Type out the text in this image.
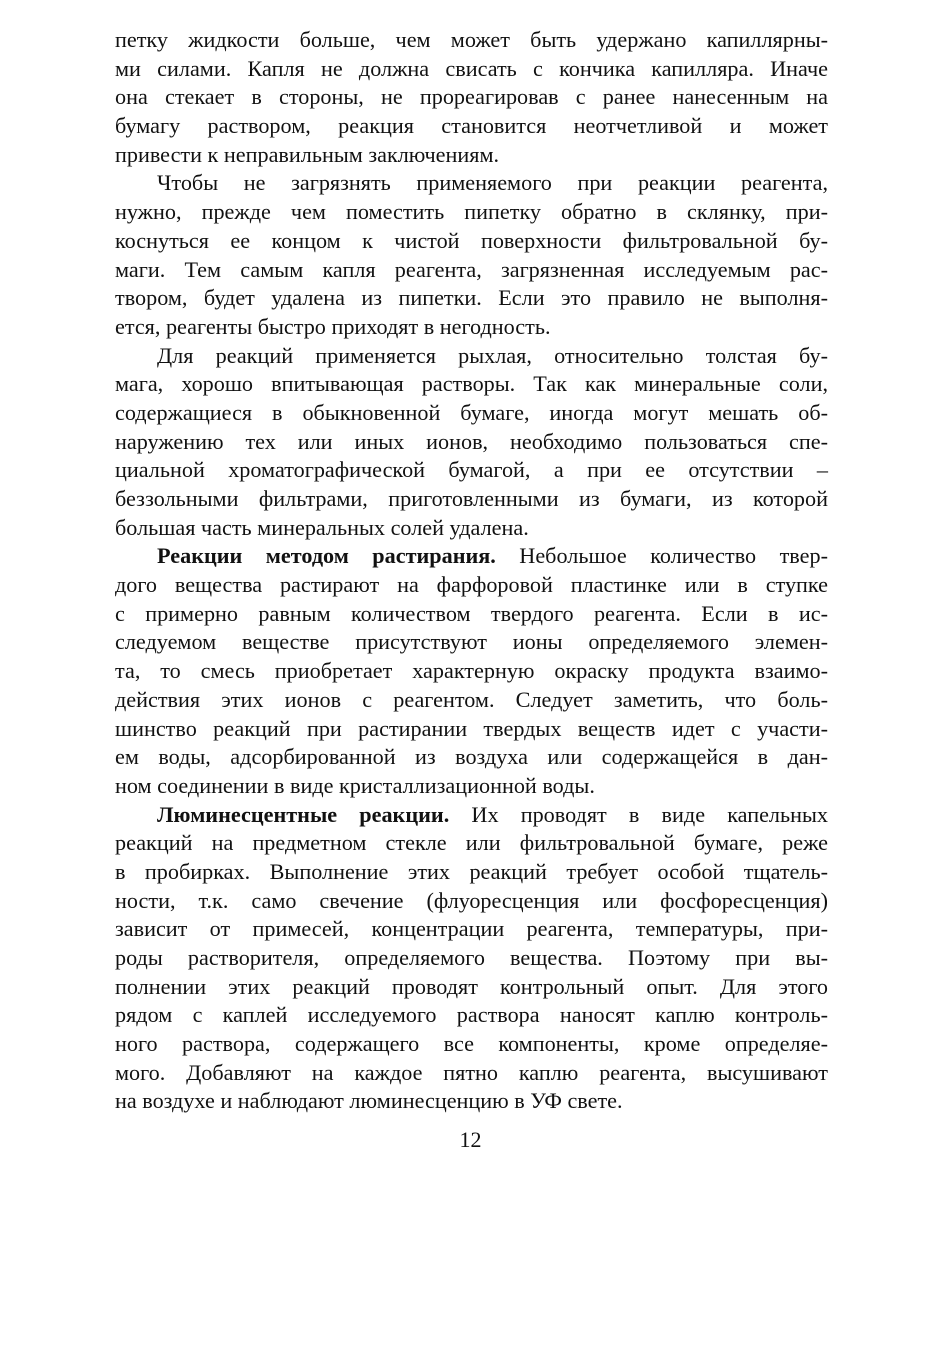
петку жидкости больше, чем может быть удержано капиллярны-
ми силами. Капля не должна свисать с кончика капилляра. Иначе
она стекает в стороны, не прореагировав с ранее нанесенным на
бумагу раствором, реакция становится неотчетливой и может
привести к неправильным заключениям.
Чтобы не загрязнять применяемого при реакции реагента,
нужно, прежде чем поместить пипетку обратно в склянку, при-
коснуться ее концом к чистой поверхности фильтровальной бу-
маги. Тем самым капля реагента, загрязненная исследуемым рас-
твором, будет удалена из пипетки. Если это правило не выполня-
ется, реагенты быстро приходят в негодность.
Для реакций применяется рыхлая, относительно толстая бу-
мага, хорошо впитывающая растворы. Так как минеральные соли,
содержащиеся в обыкновенной бумаге, иногда могут мешать об-
наружению тех или иных ионов, необходимо пользоваться спе-
циальной хроматографической бумагой, а при ее отсутствии –
беззольными фильтрами, приготовленными из бумаги, из которой
большая часть минеральных солей удалена.
Реакции методом растирания. Небольшое количество твер-
дого вещества растирают на фарфоровой пластинке или в ступке
с примерно равным количеством твердого реагента. Если в ис-
следуемом веществе присутствуют ионы определяемого элемен-
та, то смесь приобретает характерную окраску продукта взаимо-
действия этих ионов с реагентом. Следует заметить, что боль-
шинство реакций при растирании твердых веществ идет с участи-
ем воды, адсорбированной из воздуха или содержащейся в дан-
ном соединении в виде кристаллизационной воды.
Люминесцентные реакции. Их проводят в виде капельных
реакций на предметном стекле или фильтровальной бумаге, реже
в пробирках. Выполнение этих реакций требует особой тщатель-
ности, т.к. само свечение (флуоресценция или фосфоресценция)
зависит от примесей, концентрации реагента, температуры, при-
роды растворителя, определяемого вещества. Поэтому при вы-
полнении этих реакций проводят контрольный опыт. Для этого
рядом с каплей исследуемого раствора наносят каплю контроль-
ного раствора, содержащего все компоненты, кроме определяе-
мого. Добавляют на каждое пятно каплю реагента, высушивают
на воздухе и наблюдают люминесценцию в УФ свете.
12
